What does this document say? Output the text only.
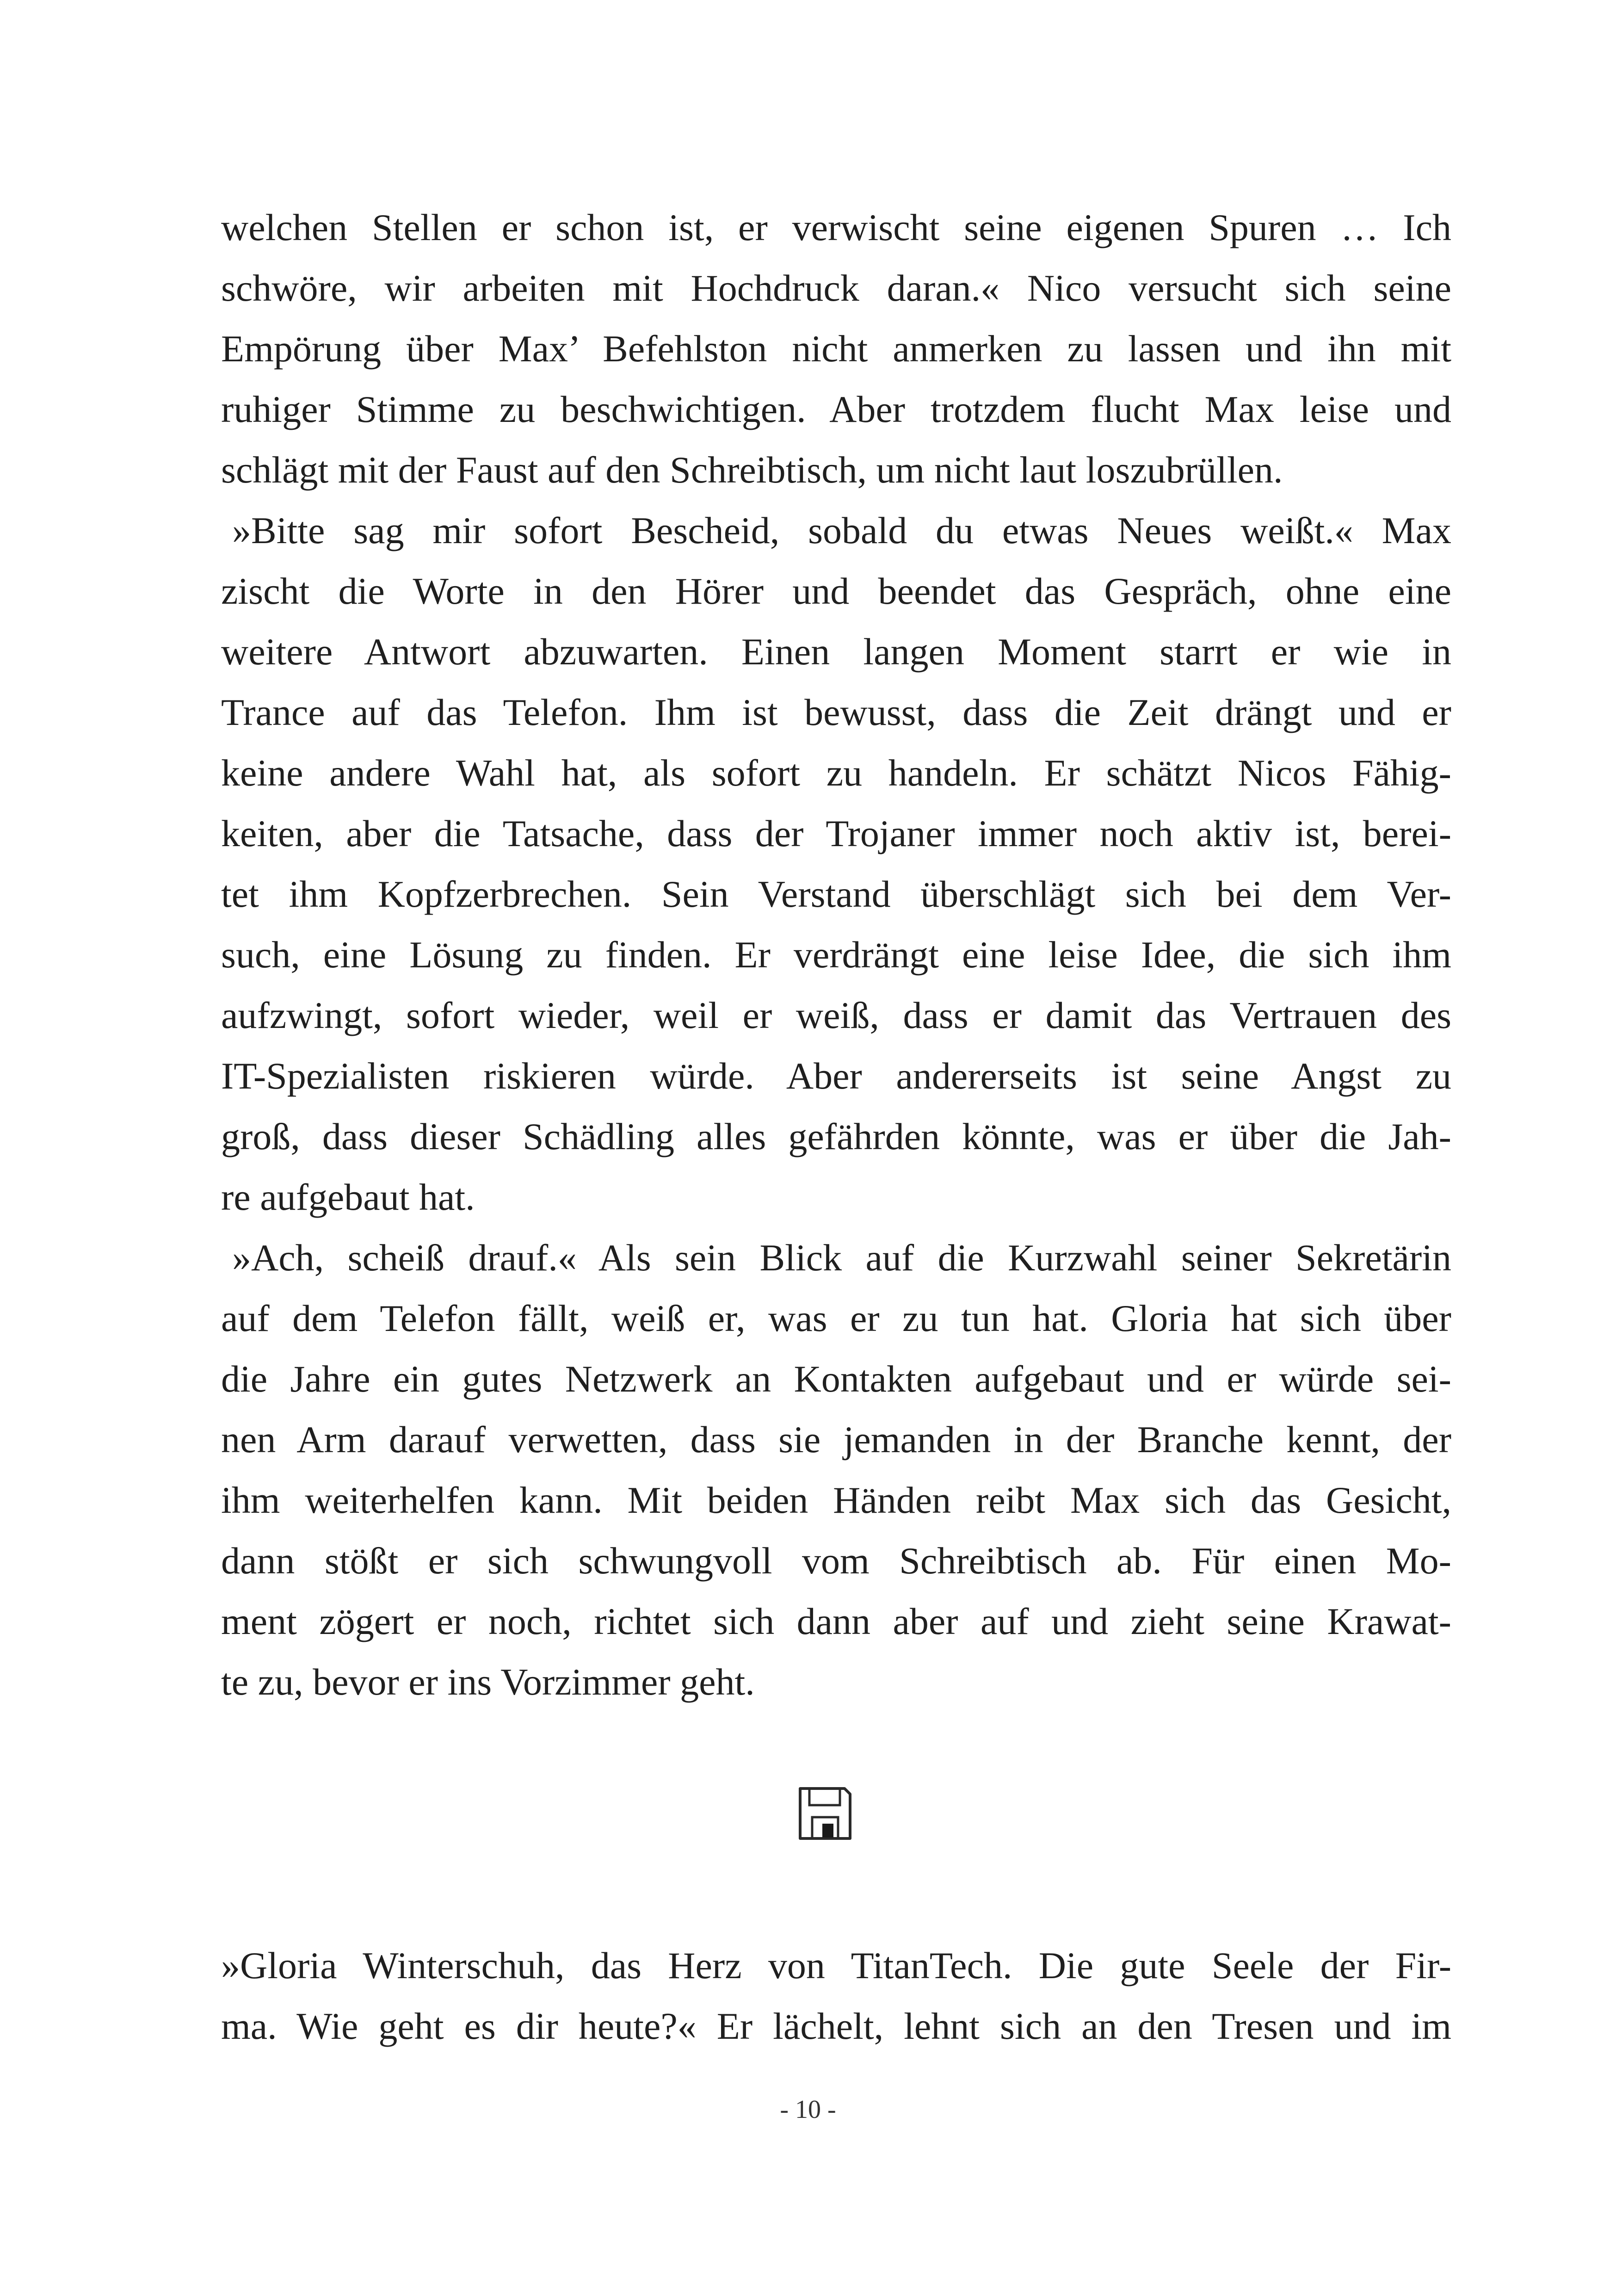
welchen Stellen er schon ist, er verwischt seine eigenen Spuren … Ich
schwöre, wir arbeiten mit Hochdruck daran.« Nico versucht sich seine
Empörung über Max’ Befehlston nicht anmerken zu lassen und ihn mit
ruhiger Stimme zu beschwichtigen. Aber trotzdem flucht Max leise und
schlägt mit der Faust auf den Schreibtisch, um nicht laut loszubrüllen.
»Bitte sag mir sofort Bescheid, sobald du etwas Neues weißt.« Max
zischt die Worte in den Hörer und beendet das Gespräch, ohne eine
weitere Antwort abzuwarten. Einen langen Moment starrt er wie in
Trance auf das Telefon. Ihm ist bewusst, dass die Zeit drängt und er
keine andere Wahl hat, als sofort zu handeln. Er schätzt Nicos Fähig-
keiten, aber die Tatsache, dass der Trojaner immer noch aktiv ist, berei-
tet ihm Kopfzerbrechen. Sein Verstand überschlägt sich bei dem Ver-
such, eine Lösung zu finden. Er verdrängt eine leise Idee, die sich ihm
aufzwingt, sofort wieder, weil er weiß, dass er damit das Vertrauen des
IT-Spezialisten riskieren würde. Aber andererseits ist seine Angst zu
groß, dass dieser Schädling alles gefährden könnte, was er über die Jah-
re aufgebaut hat.
»Ach, scheiß drauf.« Als sein Blick auf die Kurzwahl seiner Sekretärin
auf dem Telefon fällt, weiß er, was er zu tun hat. Gloria hat sich über
die Jahre ein gutes Netzwerk an Kontakten aufgebaut und er würde sei-
nen Arm darauf verwetten, dass sie jemanden in der Branche kennt, der
ihm weiterhelfen kann. Mit beiden Händen reibt Max sich das Gesicht,
dann stößt er sich schwungvoll vom Schreibtisch ab. Für einen Mo-
ment zögert er noch, richtet sich dann aber auf und zieht seine Krawat-
te zu, bevor er ins Vorzimmer geht.
»Gloria Winterschuh, das Herz von TitanTech. Die gute Seele der Fir-
ma. Wie geht es dir heute?« Er lächelt, lehnt sich an den Tresen und im
- 10 -
